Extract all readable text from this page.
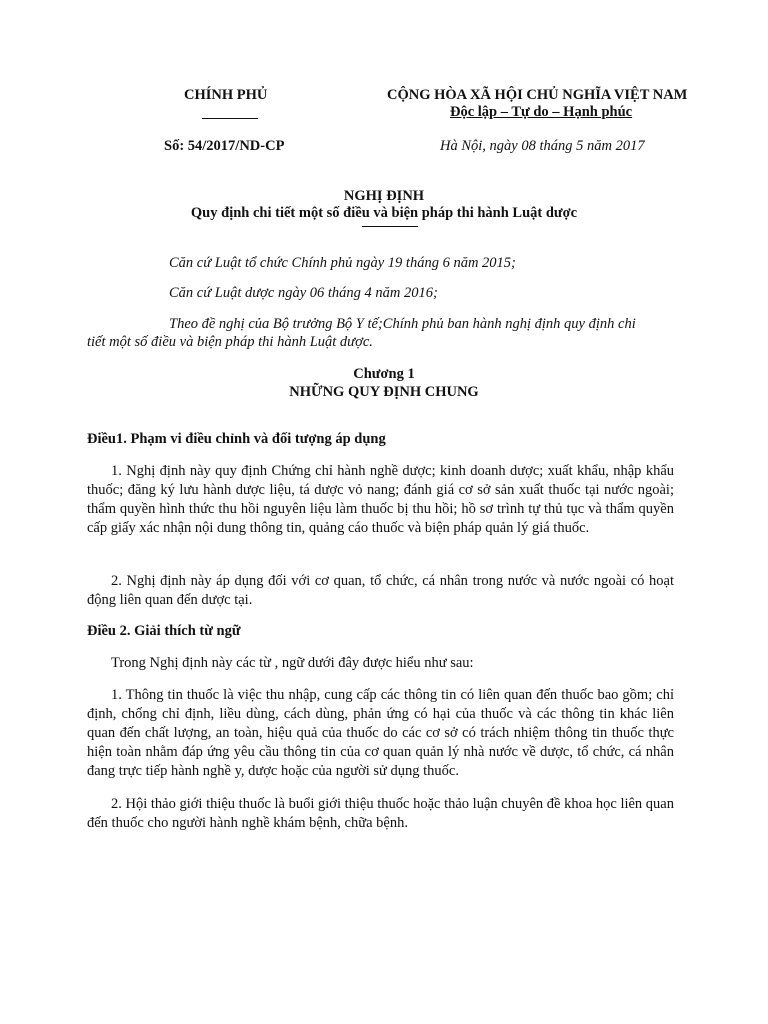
CHÍNH PHỦ	CỘNG HÒA XÃ HỘI CHỦ NGHĨA VIỆT NAM
Độc lập – Tự do – Hạnh phúc
Số: 54/2017/ND-CP	Hà Nội, ngày 08 tháng 5 năm 2017
NGHỊ ĐỊNH
Quy định chi tiết một số điều và biện pháp thi hành Luật dược
Căn cứ Luật tổ chức Chính phủ ngày 19 tháng 6 năm 2015;
Căn cứ Luật dược ngày 06 tháng 4 năm 2016;
Theo đề nghị của Bộ trưởng Bộ Y tế;Chính phủ ban hành nghị định quy định chi
tiết một số điều và biện pháp thi hành Luật dược.
Chương 1
NHỮNG QUY ĐỊNH CHUNG
Điều1. Phạm vi điều chỉnh và đối tượng áp dụng
1. Nghị định này quy định Chứng chỉ hành nghề dược; kinh doanh dược; xuất khẩu, nhập khẩu thuốc; đăng ký lưu hành dược liệu, tá dược vỏ nang; đánh giá cơ sở sản xuất thuốc tại nước ngoài; thẩm quyền hình thức thu hồi nguyên liệu làm thuốc bị thu hồi; hồ sơ trình tự thủ tục và thẩm quyền cấp giấy xác nhận nội dung thông tin, quảng cáo thuốc và biện pháp quản lý giá thuốc.
2. Nghị định này áp dụng đối với cơ quan, tổ chức, cá nhân trong nước và nước ngoài có hoạt động liên quan đến dược tại.
Điều 2. Giải thích từ ngữ
Trong Nghị định này các từ , ngữ dưới đây được hiểu như sau:
1. Thông tin thuốc là việc thu nhập, cung cấp các thông tin có liên quan đến thuốc bao gồm; chỉ định, chống chỉ định, liều dùng, cách dùng, phản ứng có hại của thuốc và các thông tin khác liên quan đến chất lượng, an toàn, hiệu quả của thuốc do các cơ sở có trách nhiệm thông tin thuốc thực hiện toàn nhằm đáp ứng yêu cầu thông tin của cơ quan quản lý nhà nước về dược, tổ chức, cá nhân đang trực tiếp hành nghề y, dược hoặc của người sử dụng thuốc.
2. Hội thảo giới thiệu thuốc là buổi giới thiệu thuốc hoặc thảo luận chuyên đề khoa học liên quan đến thuốc cho người hành nghề khám bệnh, chữa bệnh.
